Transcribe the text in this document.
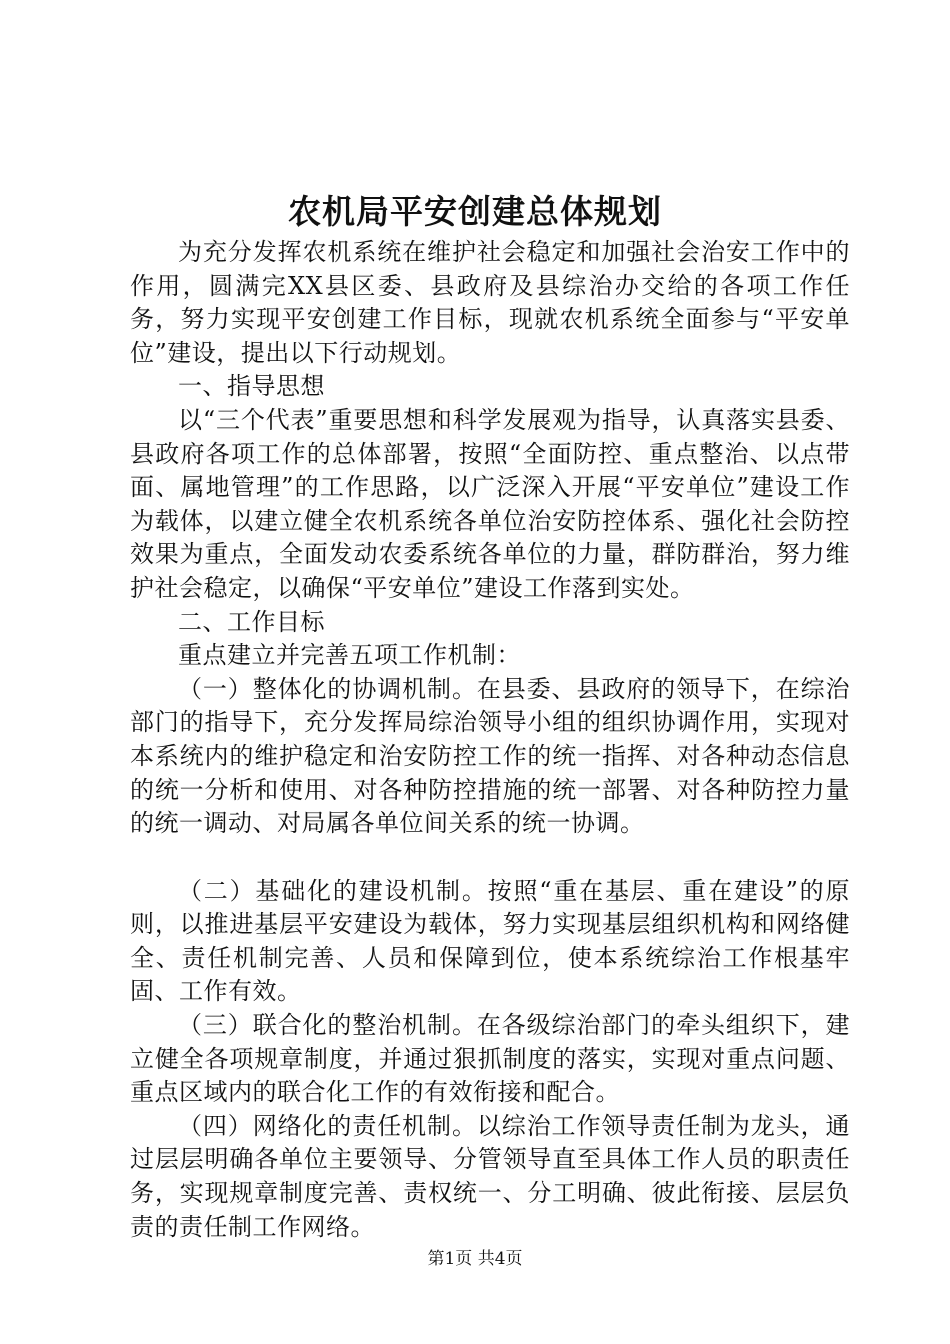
农机局平安创建总体规划

为充分发挥农机系统在维护社会稳定和加强社会治安工作中的作用，圆满完XX县区委、县政府及县综治办交给的各项工作任务，努力实现平安创建工作目标，现就农机系统全面参与“平安单位”建设，提出以下行动规划。

一、指导思想

以“三个代表”重要思想和科学发展观为指导，认真落实县委、县政府各项工作的总体部署，按照“全面防控、重点整治、以点带面、属地管理”的工作思路，以广泛深入开展“平安单位”建设工作为载体，以建立健全农机系统各单位治安防控体系、强化社会防控效果为重点，全面发动农委系统各单位的力量，群防群治，努力维护社会稳定，以确保“平安单位”建设工作落到实处。

二、工作目标

重点建立并完善五项工作机制：

（一）整体化的协调机制。在县委、县政府的领导下，在综治部门的指导下，充分发挥局综治领导小组的组织协调作用，实现对本系统内的维护稳定和治安防控工作的统一指挥、对各种动态信息的统一分析和使用、对各种防控措施的统一部署、对各种防控力量的统一调动、对局属各单位间关系的统一协调。

（二）基础化的建设机制。按照“重在基层、重在建设”的原则，以推进基层平安建设为载体，努力实现基层组织机构和网络健全、责任机制完善、人员和保障到位，使本系统综治工作根基牢固、工作有效。

（三）联合化的整治机制。在各级综治部门的牵头组织下，建立健全各项规章制度，并通过狠抓制度的落实，实现对重点问题、重点区域内的联合化工作的有效衔接和配合。

（四）网络化的责任机制。以综治工作领导责任制为龙头，通过层层明确各单位主要领导、分管领导直至具体工作人员的职责任务，实现规章制度完善、责权统一、分工明确、彼此衔接、层层负责的责任制工作网络。

第1页 共4页
